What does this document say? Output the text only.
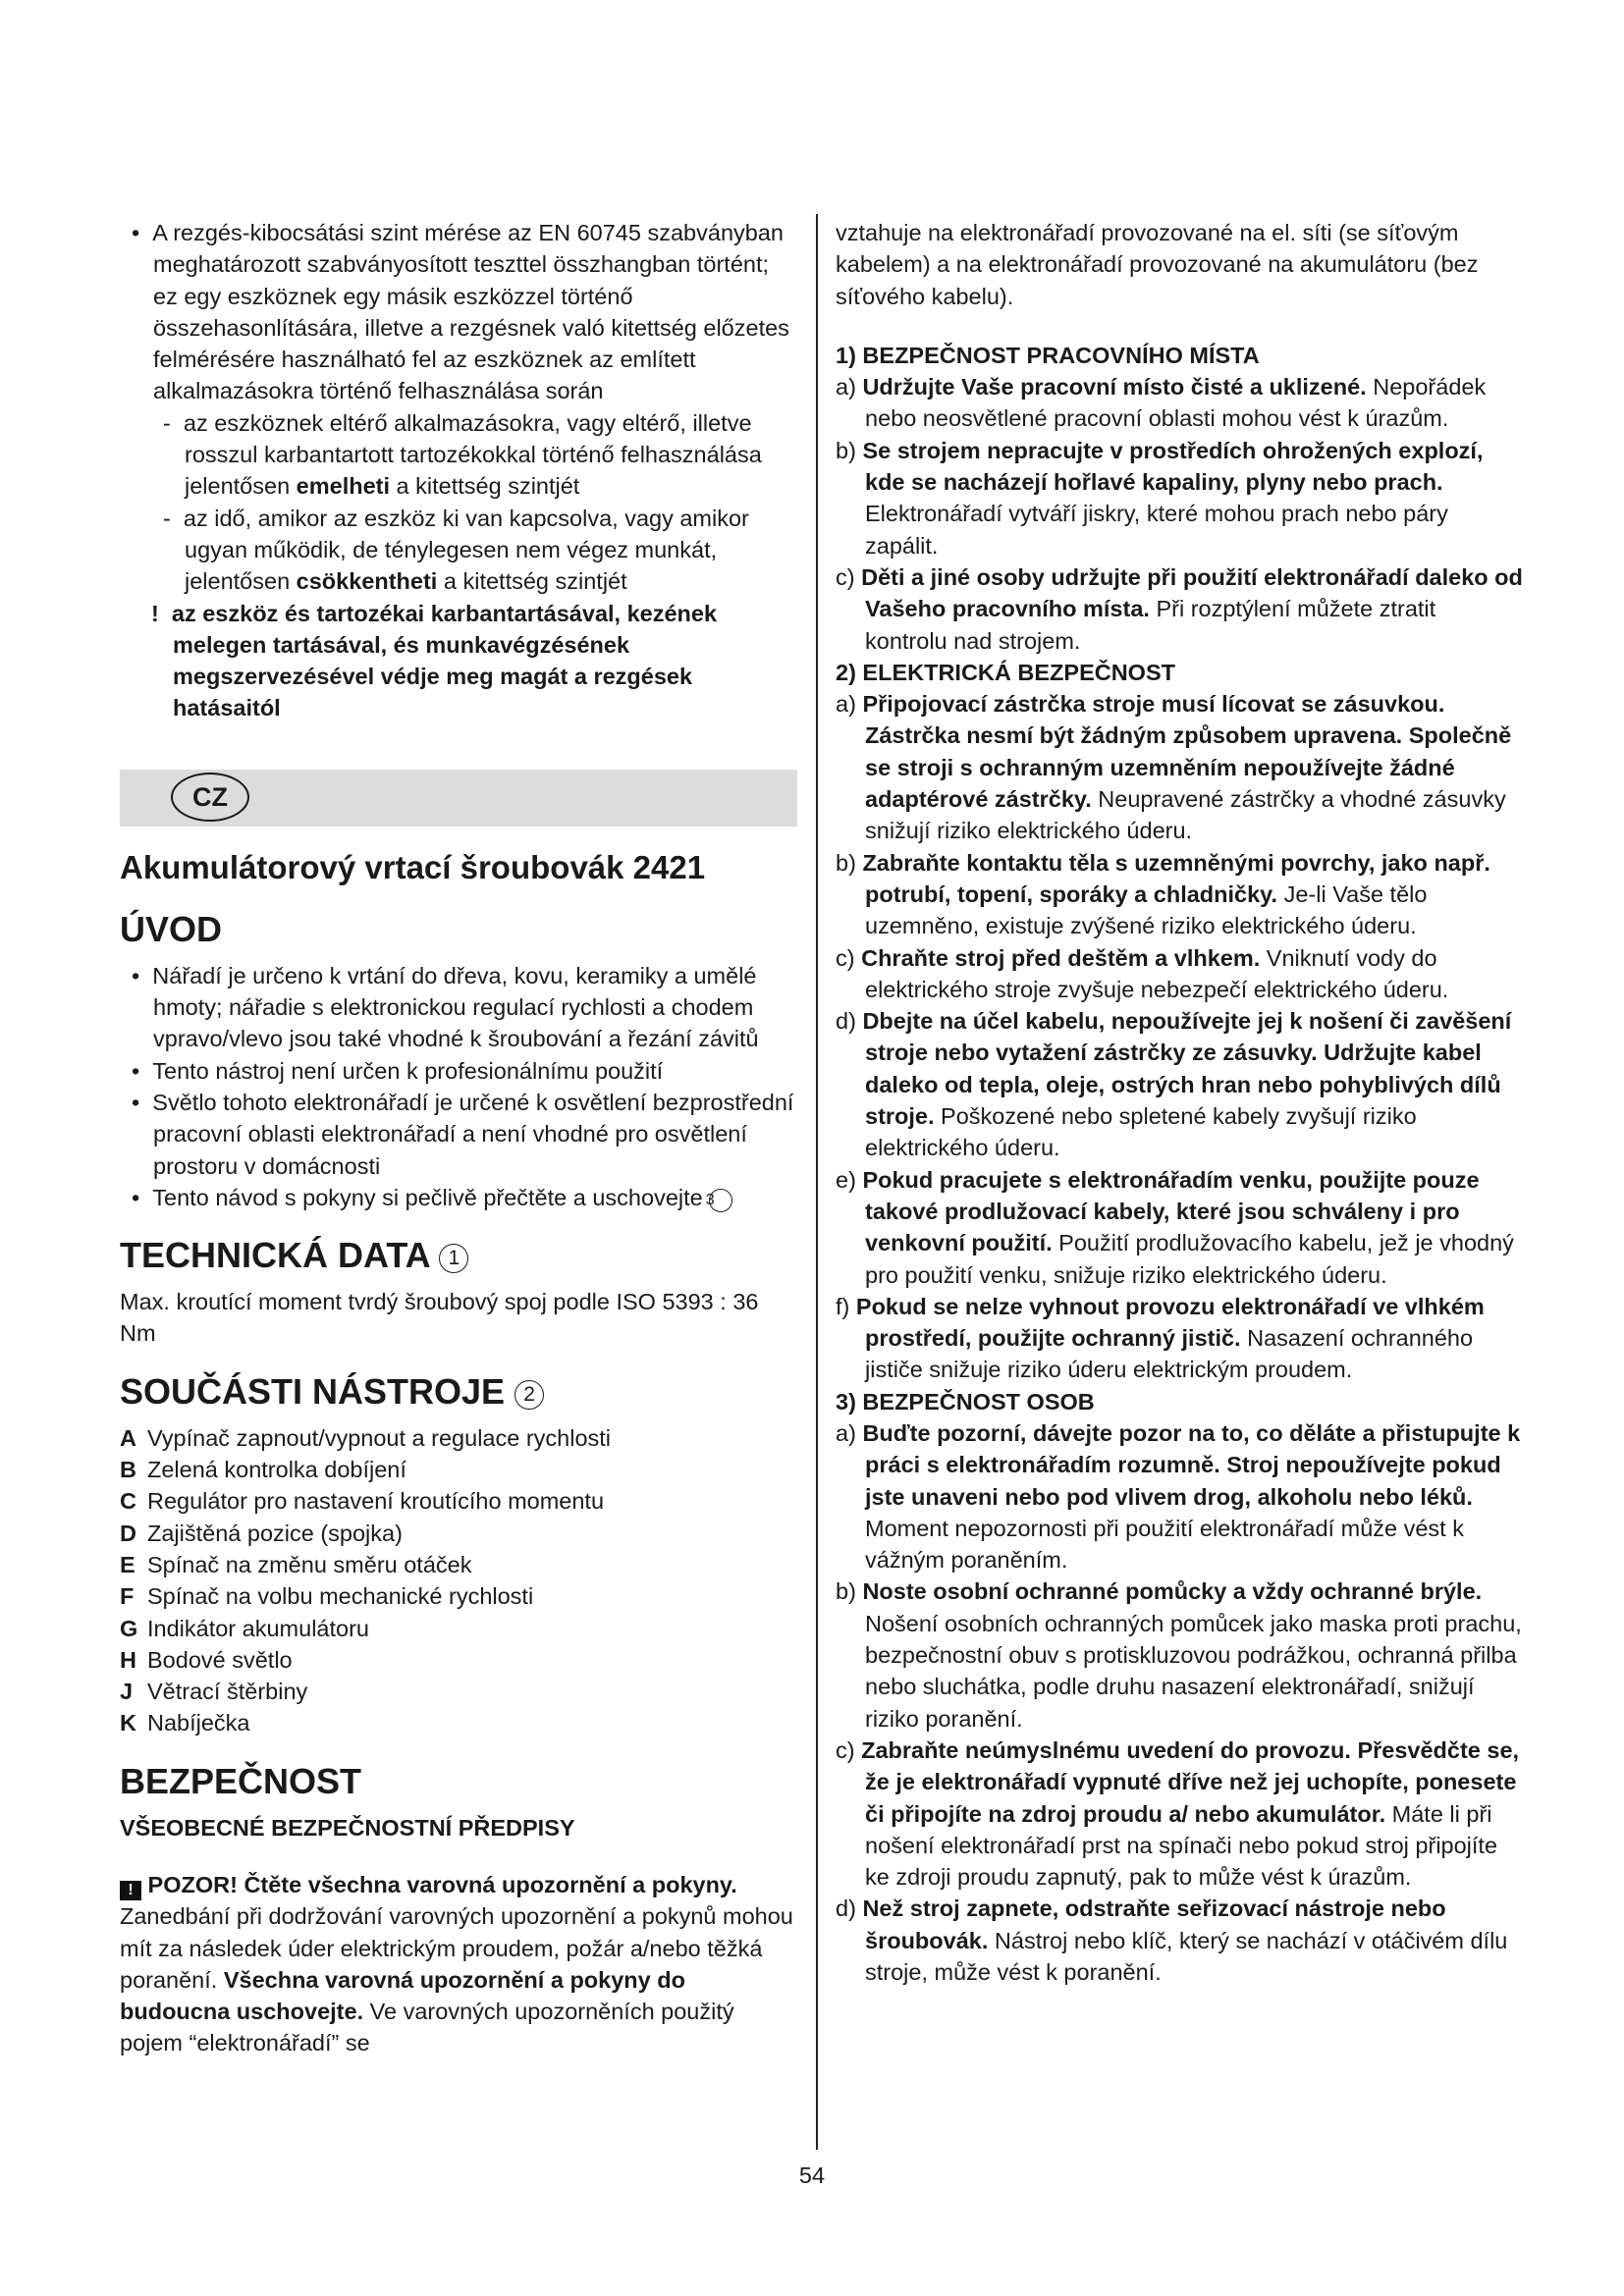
•  A rezgés-kibocsátási szint mérése az EN 60745 szabványban meghatározott szabványosított teszttel összhangban történt; ez egy eszköznek egy másik eszközzel történő összehasonlítására, illetve a rezgésnek való kitettség előzetes felmérésére használható fel az eszköznek az említett alkalmazásokra történő felhasználása során

-  az eszköznek eltérő alkalmazásokra, vagy eltérő, illetve rosszul karbantartott tartozékokkal történő felhasználása jelentősen emelheti a kitettség szintjét

-  az idő, amikor az eszköz ki van kapcsolva, vagy amikor ugyan működik, de ténylegesen nem végez munkát, jelentősen csökkentheti a kitettség szintjét

!  az eszköz és tartozékai karbantartásával, kezének melegen tartásával, és munkavégzésének megszervezésével védje meg magát a rezgések hatásaitól

CZ

Akumulátorový vrtací šroubovák 2421

ÚVOD

•  Nářadí je určeno k vrtání do dřeva, kovu, keramiky a umělé hmoty; nářadie s elektronickou regulací rychlosti a chodem vpravo/vlevo jsou také vhodné k šroubování a řezání závitů

•  Tento nástroj není určen k profesionálnímu použití

•  Světlo tohoto elektronářadí je určené k osvětlení bezprostřední pracovní oblasti elektronářadí a není vhodné pro osvětlení prostoru v domácnosti

•  Tento návod s pokyny si pečlivě přečtěte a uschovejte 3

TECHNICKÁ DATA 1

Max. kroutící moment tvrdý šroubový spoj podle ISO 5393 : 36 Nm

SOUČÁSTI NÁSTROJE 2

A Vypínač zapnout/vypnout a regulace rychlosti
B Zelená kontrolka dobíjení
C Regulátor pro nastavení kroutícího momentu
D Zajištěná pozice (spojka)
E Spínač na změnu směru otáček
F Spínač na volbu mechanické rychlosti
G Indikátor akumulátoru
H Bodové světlo
J Větrací štěrbiny
K Nabíječka

BEZPEČNOST

VŠEOBECNÉ BEZPEČNOSTNÍ PŘEDPISY

! POZOR! Čtěte všechna varovná upozornění a pokyny. Zanedbání při dodržování varovných upozornění a pokynů mohou mít za následek úder elektrickým proudem, požár a/nebo těžká poranění. Všechna varovná upozornění a pokyny do budoucna uschovejte. Ve varovných upozorněních použitý pojem “elektronářadí” se

vztahuje na elektronářadí provozované na el. síti (se síťovým kabelem) a na elektronářadí provozované na akumulátoru (bez síťového kabelu).

1) BEZPEČNOST PRACOVNÍHO MÍSTA

a) Udržujte Vaše pracovní místo čisté a uklizené. Nepořádek nebo neosvětlené pracovní oblasti mohou vést k úrazům.

b) Se strojem nepracujte v prostředích ohrožených explozí, kde se nacházejí hořlavé kapaliny, plyny nebo prach. Elektronářadí vytváří jiskry, které mohou prach nebo páry zapálit.

c) Děti a jiné osoby udržujte při použití elektronářadí daleko od Vašeho pracovního místa. Při rozptýlení můžete ztratit kontrolu nad strojem.

2) ELEKTRICKÁ BEZPEČNOST

a) Připojovací zástrčka stroje musí lícovat se zásuvkou. Zástrčka nesmí být žádným způsobem upravena. Společně se stroji s ochranným uzemněním nepoužívejte žádné adaptérové zástrčky. Neupravené zástrčky a vhodné zásuvky snižují riziko elektrického úderu.

b) Zabraňte kontaktu těla s uzemněnými povrchy, jako např. potrubí, topení, sporáky a chladničky. Je-li Vaše tělo uzemněno, existuje zvýšené riziko elektrického úderu.

c) Chraňte stroj před deštěm a vlhkem. Vniknutí vody do elektrického stroje zvyšuje nebezpečí elektrického úderu.

d) Dbejte na účel kabelu, nepoužívejte jej k nošení či zavěšení stroje nebo vytažení zástrčky ze zásuvky. Udržujte kabel daleko od tepla, oleje, ostrých hran nebo pohyblivých dílů stroje. Poškozené nebo spletené kabely zvyšují riziko elektrického úderu.

e) Pokud pracujete s elektronářadím venku, použijte pouze takové prodlužovací kabely, které jsou schváleny i pro venkovní použití. Použití prodlužovacího kabelu, jež je vhodný pro použití venku, snižuje riziko elektrického úderu.

f) Pokud se nelze vyhnout provozu elektronářadí ve vlhkém prostředí, použijte ochranný jistič. Nasazení ochranného jističe snižuje riziko úderu elektrickým proudem.

3) BEZPEČNOST OSOB

a) Buďte pozorní, dávejte pozor na to, co děláte a přistupujte k práci s elektronářadím rozumně. Stroj nepoužívejte pokud jste unaveni nebo pod vlivem drog, alkoholu nebo léků. Moment nepozornosti při použití elektronářadí může vést k vážným poraněním.

b) Noste osobní ochranné pomůcky a vždy ochranné brýle. Nošení osobních ochranných pomůcek jako maska proti prachu, bezpečnostní obuv s protiskluzovou podrážkou, ochranná přilba nebo sluchátka, podle druhu nasazení elektronářadí, snižují riziko poranění.

c) Zabraňte neúmyslnému uvedení do provozu. Přesvědčte se, že je elektronářadí vypnuté dříve než jej uchopíte, ponesete či připojíte na zdroj proudu a/ nebo akumulátor. Máte li při nošení elektronářadí prst na spínači nebo pokud stroj připojíte ke zdroji proudu zapnutý, pak to může vést k úrazům.

d) Než stroj zapnete, odstraňte seřizovací nástroje nebo šroubovák. Nástroj nebo klíč, který se nachází v otáčivém dílu stroje, může vést k poranění.

54
